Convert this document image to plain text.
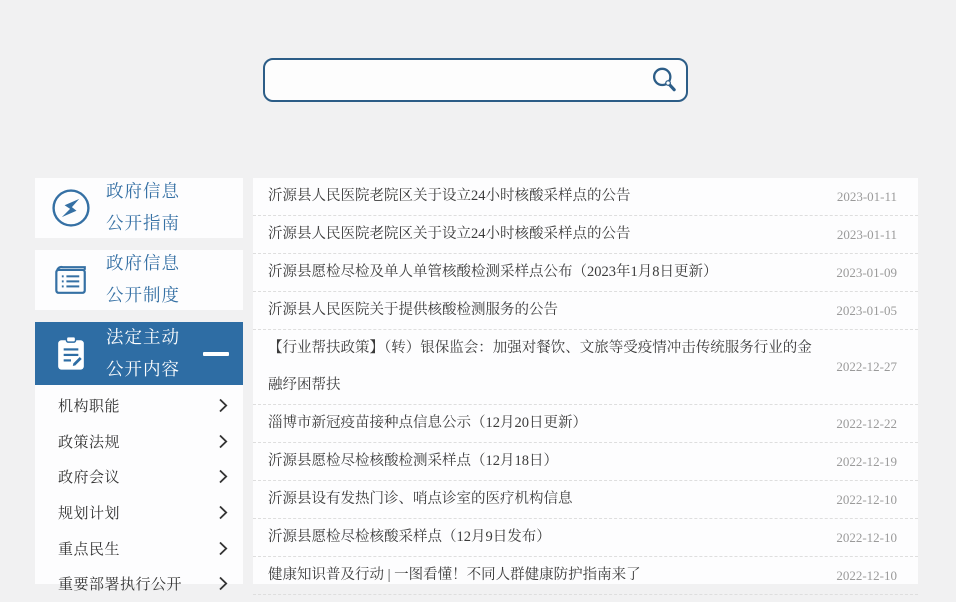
政府信息
公开指南
政府信息
公开制度
法定主动
公开内容
机构职能
政策法规
政府会议
规划计划
重点民生
重要部署执行公开
沂源县人民医院老院区关于设立24小时核酸采样点的公告	2023-01-11
沂源县人民医院老院区关于设立24小时核酸采样点的公告	2023-01-11
沂源县愿检尽检及单人单管核酸检测采样点公布（2023年1月8日更新）	2023-01-09
沂源县人民医院关于提供核酸检测服务的公告	2023-01-05
【行业帮扶政策】（转）银保监会：加强对餐饮、文旅等受疫情冲击传统服务行业的金融纾困帮扶
2022-12-27
淄博市新冠疫苗接种点信息公示（12月20日更新）	2022-12-22
沂源县愿检尽检核酸检测采样点（12月18日）	2022-12-19
沂源县设有发热门诊、哨点诊室的医疗机构信息	2022-12-10
沂源县愿检尽检核酸采样点（12月9日发布）	2022-12-10
健康知识普及行动 | 一图看懂！不同人群健康防护指南来了	2022-12-10
